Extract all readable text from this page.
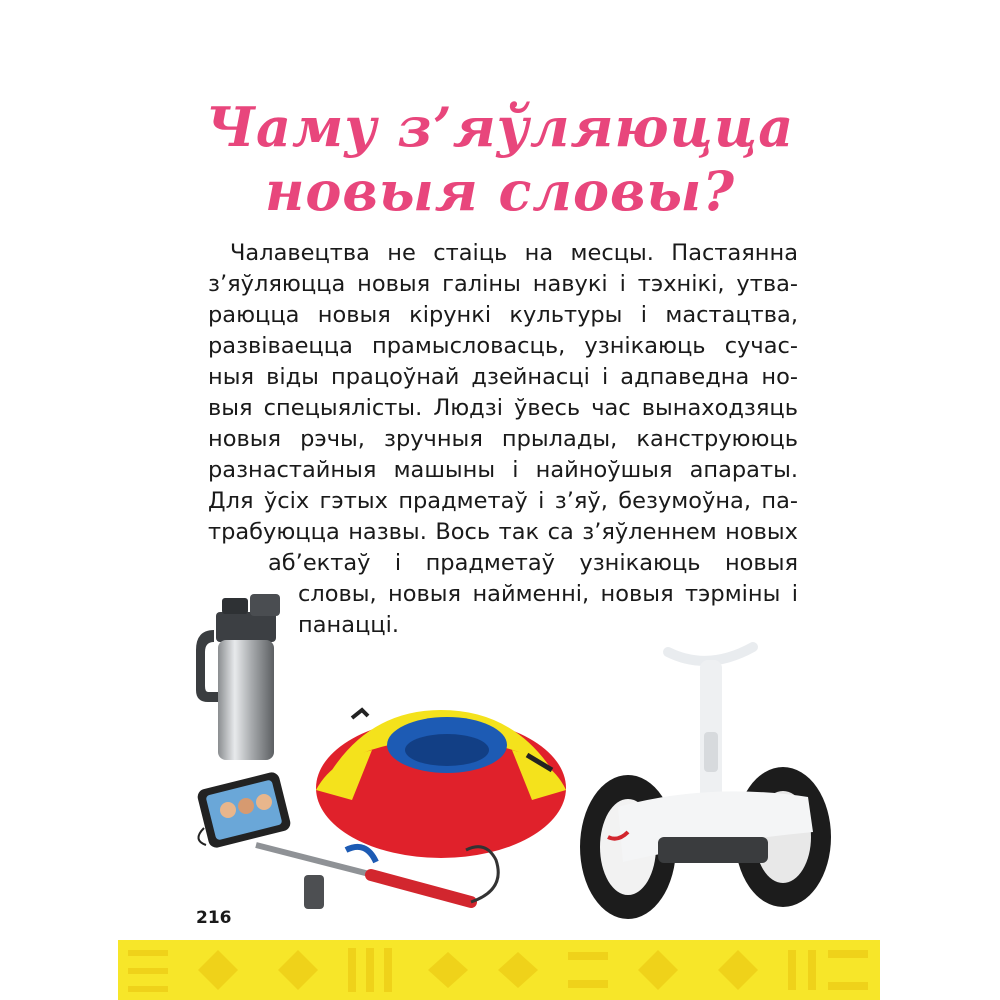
Чаму з’яўляюцца
новыя словы?
Чалавецтва не стаіць на месцы. Пастаянна
з’яўляюцца новыя галіны навукі і тэхнікі, утва-
раюцца новыя кірункі культуры і мастацтва,
развіваецца прамысловасць, узнікаюць сучас-
ныя віды працоўнай дзейнасці і адпаведна но-
выя спецыялісты. Людзі ўвесь час вынаходзяць
новыя рэчы, зручныя прылады, канструююць
разнастайныя машыны і найноўшыя апараты.
Для ўсіх гэтых прадметаў і з’яў, безумоўна, па-
трабуюцца назвы. Вось так са з’яўленнем новых
аб’ектаў і прадметаў узнікаюць новыя
словы, новыя найменні, новыя тэрміны і
панаццi.
216
